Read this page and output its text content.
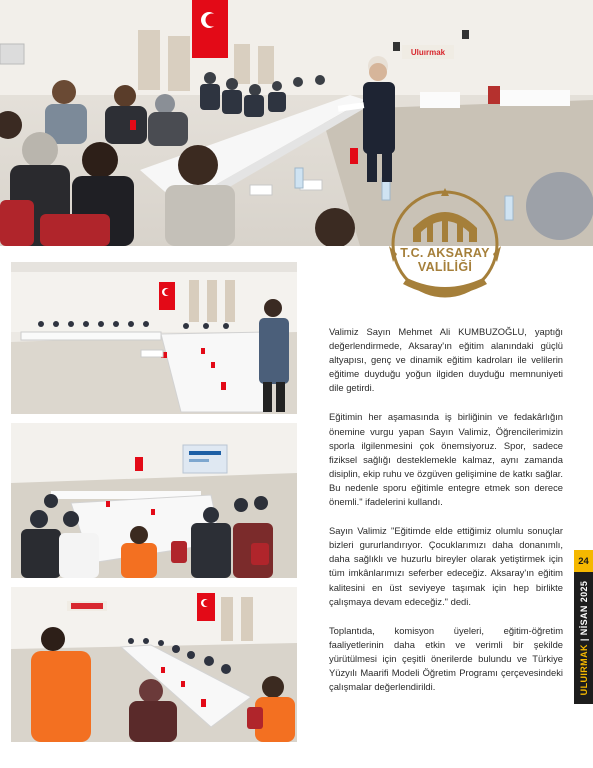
Uluırmak
T.C. AKSARAY
VALİLİĞİ

Valimiz Sayın Mehmet Ali KUMBUZOĞLU, yaptığı değerlendirmede, Aksaray'ın eğitim alanındaki güçlü altyapısı, genç ve dinamik eğitim kadroları ile velilerin eğitime duyduğu yoğun ilgiden duyduğu memnuniyeti dile getirdi.

Eğitimin her aşamasında iş birliğinin ve fedakârlığın önemine vurgu yapan Sayın Valimiz, Öğrencilerimizin sporla ilgilenmesini çok önemsiyoruz. Spor, sadece fiziksel sağlığı desteklemekle kalmaz, aynı zamanda disiplin, ekip ruhu ve özgüven gelişimine de katkı sağlar. Bu nedenle sporu eğitimle entegre etmek son derece önemli." ifadelerini kullandı.

Sayın Valimiz "Eğitimde elde ettiğimiz olumlu sonuçlar bizleri gururlandırıyor. Çocuklarımızı daha donanımlı, daha sağlıklı ve huzurlu bireyler olarak yetiştirmek için tüm imkânlarımızı seferber edeceğiz. Aksaray'ın eğitim kalitesini en üst seviyeye taşımak için hep birlikte çalışmaya devam edeceğiz." dedi.

Toplantıda, komisyon üyeleri, eğitim-öğretim faaliyetlerinin daha etkin ve verimli bir şekilde yürütülmesi için çeşitli önerilerde bulundu ve Türkiye Yüzyılı Maarifi Modeli Öğretim Programı çerçevesindeki çalışmalar değerlendirildi.

24
ULUIRMAK|NİSAN 2025
